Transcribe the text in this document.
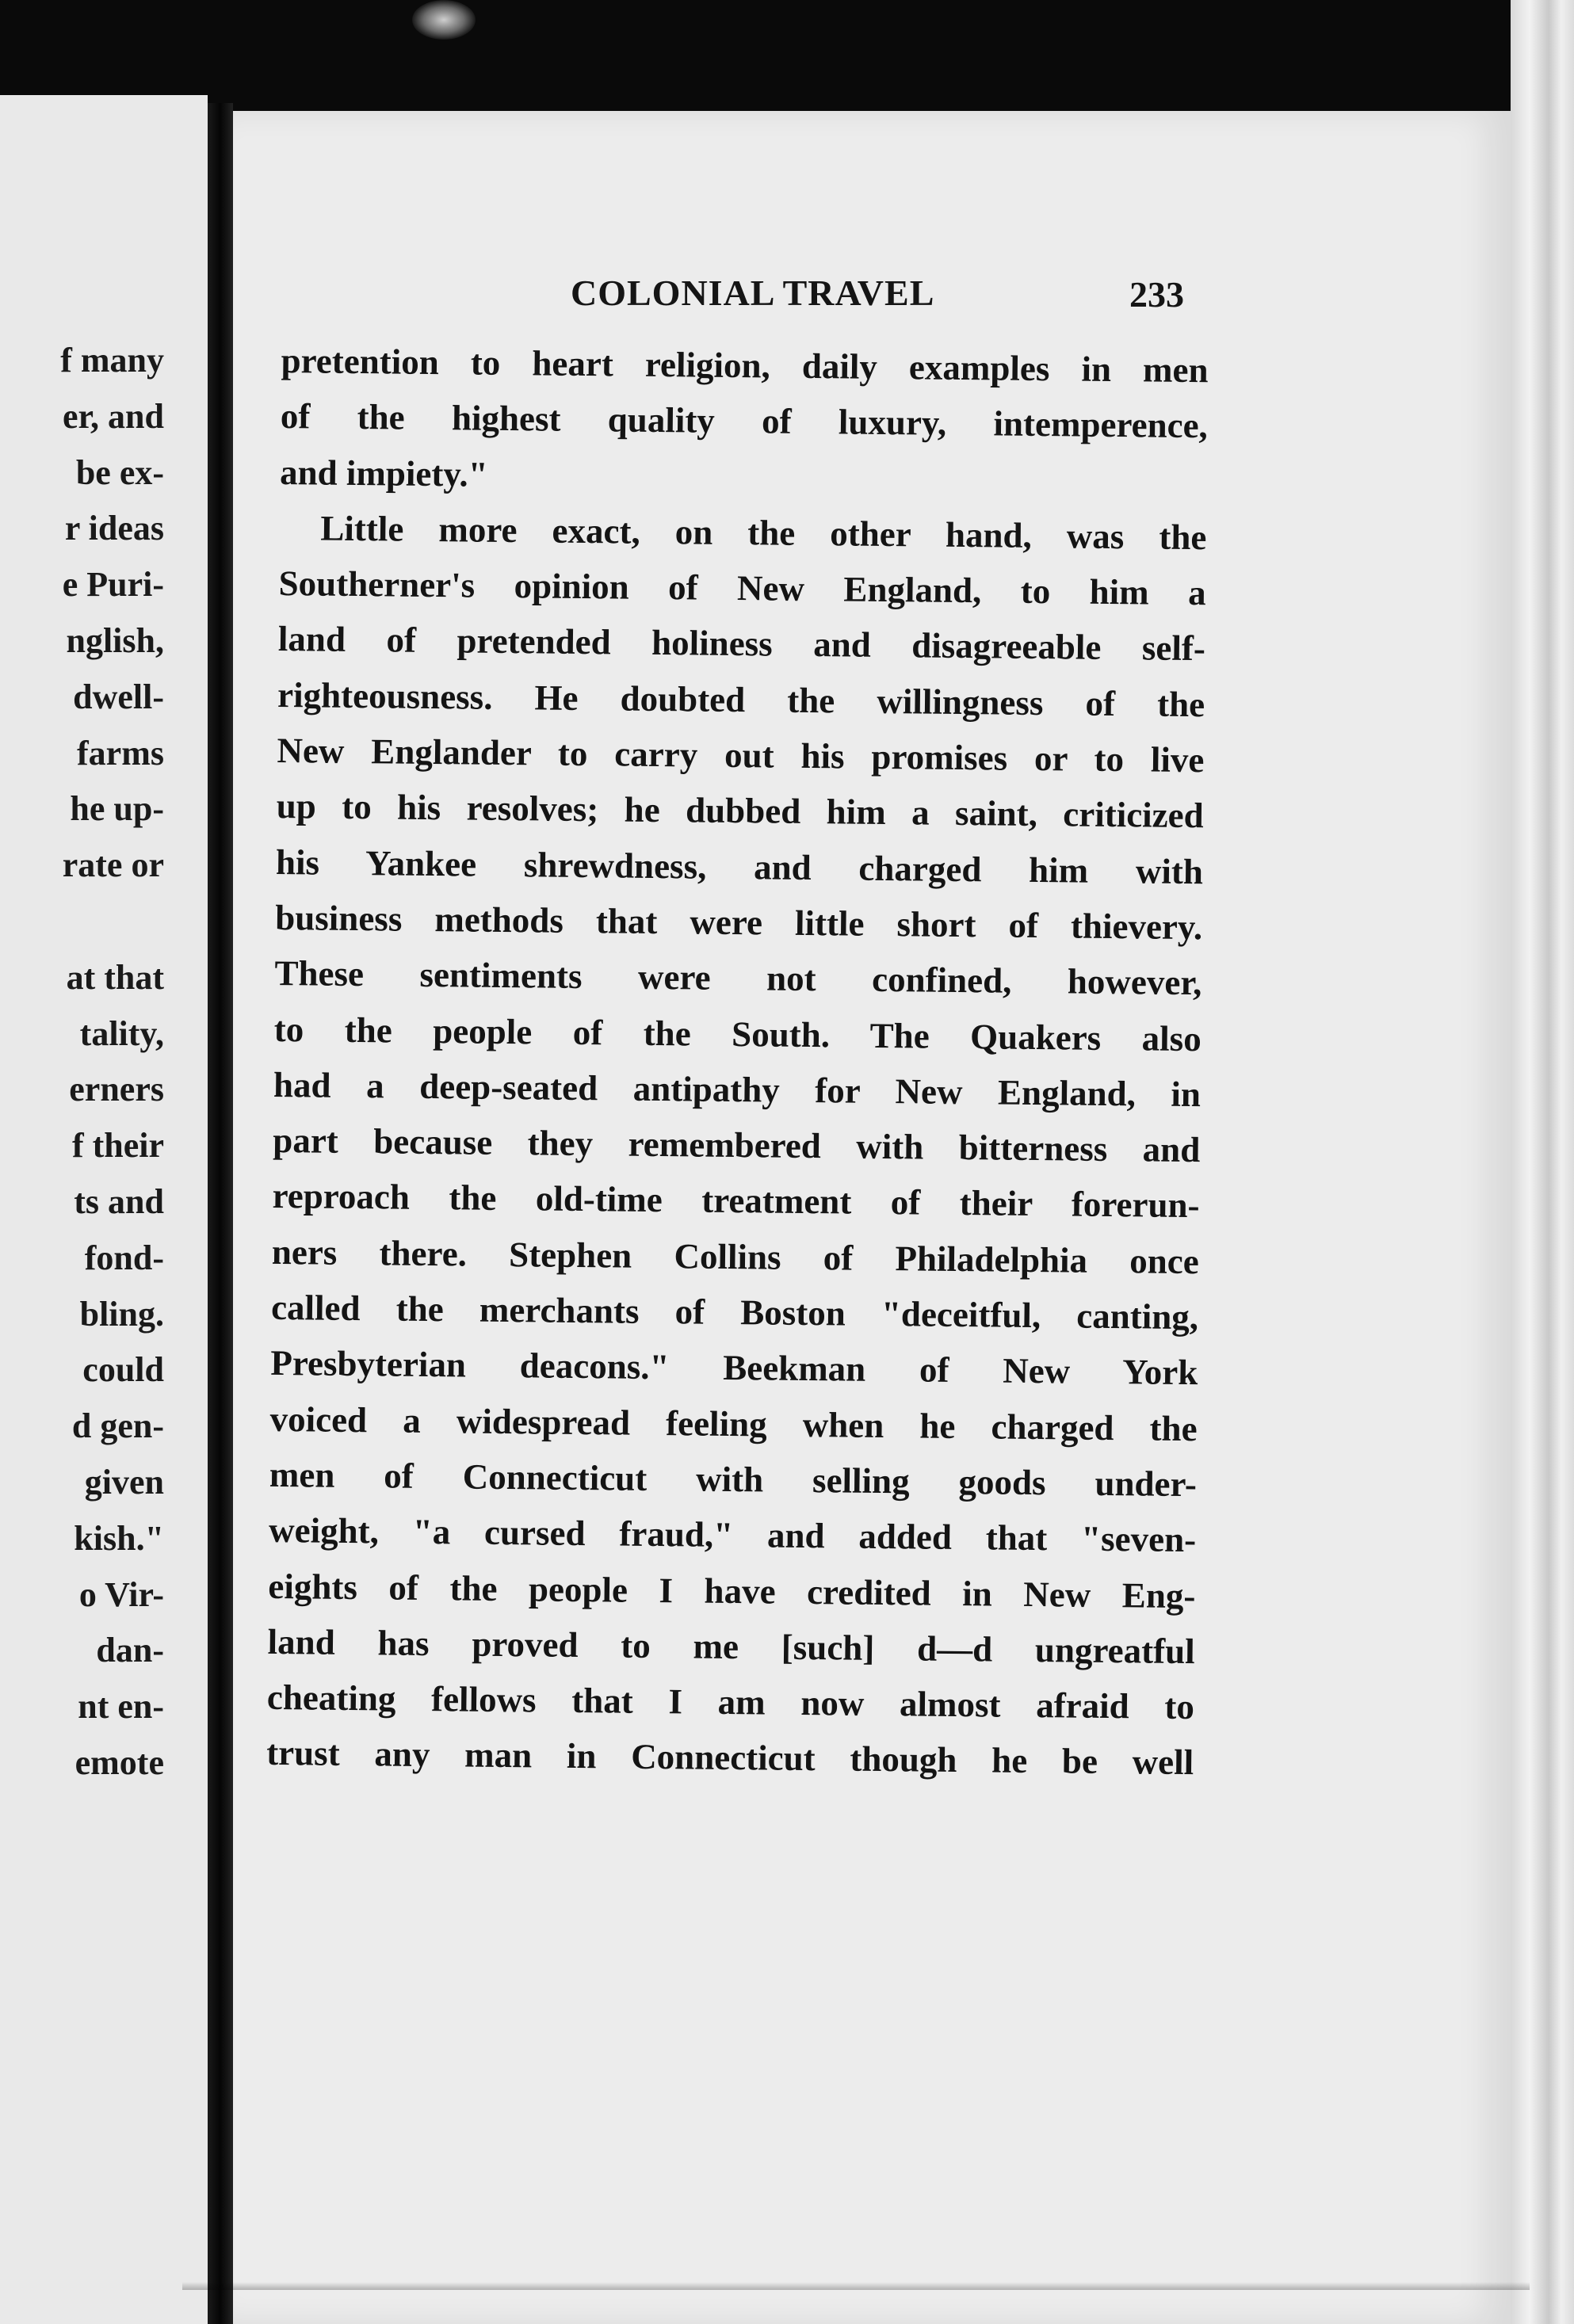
f many
er, and
be ex-
r ideas
e Puri-
nglish,
dwell-
farms
he up-
rate or
at that
tality,
erners
f their
ts and
fond-
bling.
could
d gen-
given
kish."
o Vir-
dan-
nt en-
emote
COLONIAL TRAVEL	233
pretention to heart religion, daily examples in men
of the highest quality of luxury, intemperence,
and impiety."
Little more exact, on the other hand, was the
Southerner's opinion of New England, to him a
land of pretended holiness and disagreeable self-
righteousness. He doubted the willingness of the
New Englander to carry out his promises or to live
up to his resolves; he dubbed him a saint, criticized
his Yankee shrewdness, and charged him with
business methods that were little short of thievery.
These sentiments were not confined, however,
to the people of the South. The Quakers also
had a deep-seated antipathy for New England, in
part because they remembered with bitterness and
reproach the old-time treatment of their forerun-
ners there. Stephen Collins of Philadelphia once
called the merchants of Boston "deceitful, canting,
Presbyterian deacons." Beekman of New York
voiced a widespread feeling when he charged the
men of Connecticut with selling goods under-
weight, "a cursed fraud," and added that "seven-
eights of the people I have credited in New Eng-
land has proved to me [such] d—d ungreatful
cheating fellows that I am now almost afraid to
trust any man in Connecticut though he be well
